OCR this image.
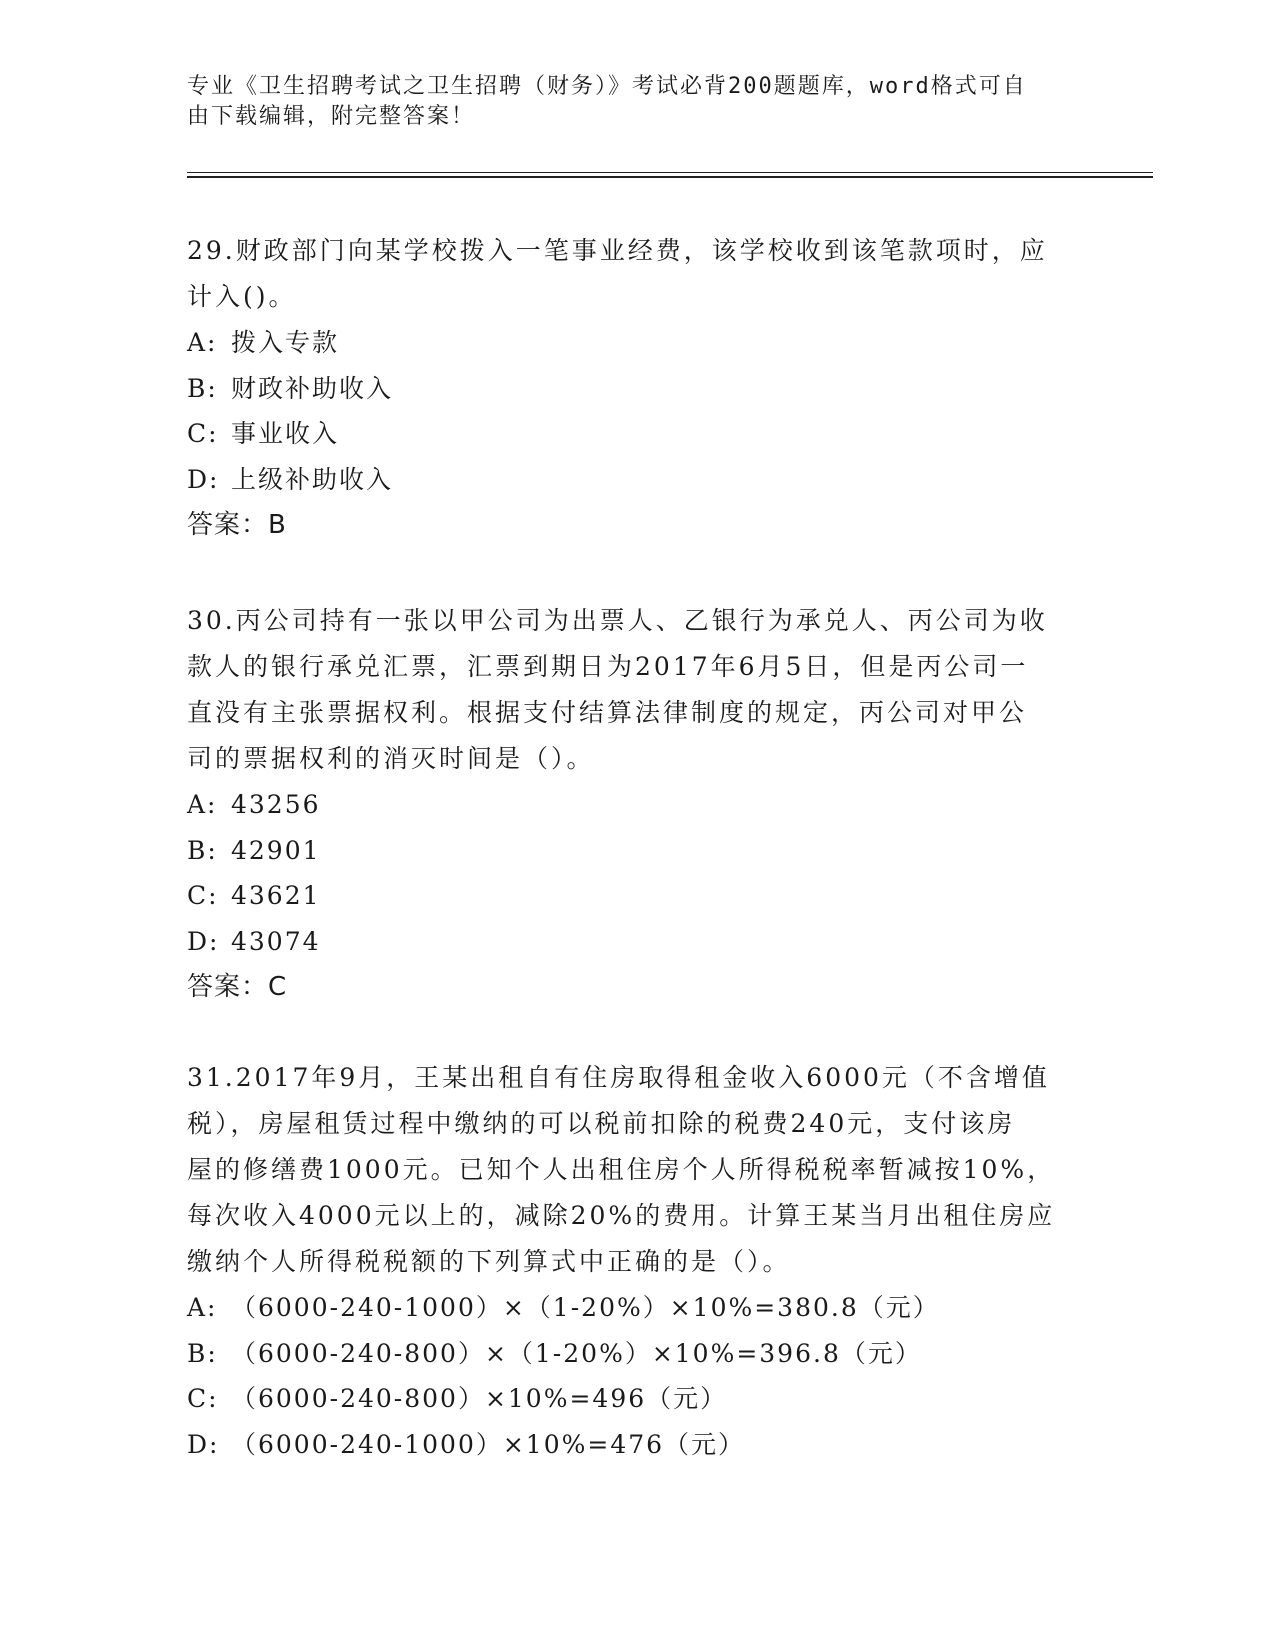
专业《卫生招聘考试之卫生招聘（财务）》考试必背200题题库，word格式可自
由下载编辑，附完整答案！

29.财政部门向某学校拨入一笔事业经费，该学校收到该笔款项时，应

计入()。

A: 拨入专款

B: 财政补助收入

C: 事业收入

D: 上级补助收入

答案：B

30.丙公司持有一张以甲公司为出票人、乙银行为承兑人、丙公司为收

款人的银行承兑汇票，汇票到期日为2017年6月5日，但是丙公司一

直没有主张票据权利。根据支付结算法律制度的规定，丙公司对甲公

司的票据权利的消灭时间是（）。

A: 43256

B: 42901

C: 43621

D: 43074

答案：C

31.2017年9月，王某出租自有住房取得租金收入6000元（不含增值

税），房屋租赁过程中缴纳的可以税前扣除的税费240元，支付该房

屋的修缮费1000元。已知个人出租住房个人所得税税率暂减按10%，

每次收入4000元以上的，减除20%的费用。计算王某当月出租住房应

缴纳个人所得税税额的下列算式中正确的是（）。

A: （6000-240-1000）×（1-20%）×10%=380.8（元）

B: （6000-240-800）×（1-20%）×10%=396.8（元）

C: （6000-240-800）×10%=496（元）

D: （6000-240-1000）×10%=476（元）
